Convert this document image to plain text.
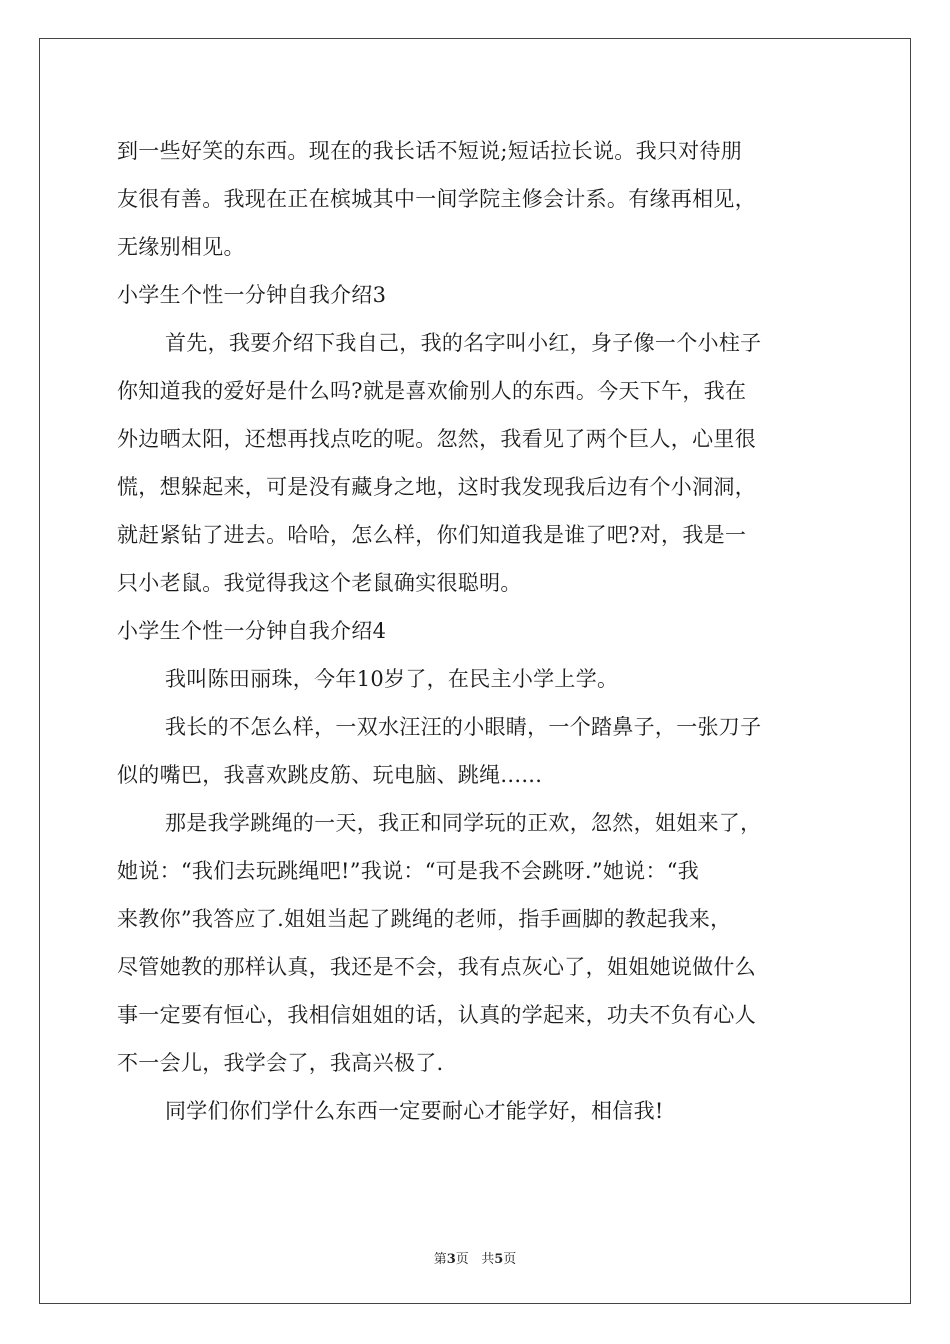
到一些好笑的东西。现在的我长话不短说;短话拉长说。我只对待朋
友很有善。我现在正在槟城其中一间学院主修会计系。有缘再相见，
无缘别相见。
小学生个性一分钟自我介绍3
首先，我要介绍下我自己，我的名字叫小红，身子像一个小柱子
你知道我的爱好是什么吗?就是喜欢偷别人的东西。今天下午，我在
外边晒太阳，还想再找点吃的呢。忽然，我看见了两个巨人，心里很
慌，想躲起来，可是没有藏身之地，这时我发现我后边有个小洞洞，
就赶紧钻了进去。哈哈，怎么样，你们知道我是谁了吧?对，我是一
只小老鼠。我觉得我这个老鼠确实很聪明。
小学生个性一分钟自我介绍4
我叫陈田丽珠，今年10岁了，在民主小学上学。
我长的不怎么样，一双水汪汪的小眼睛，一个踏鼻子，一张刀子
似的嘴巴，我喜欢跳皮筋、玩电脑、跳绳......
那是我学跳绳的一天，我正和同学玩的正欢，忽然，姐姐来了，
她说：“我们去玩跳绳吧!”我说：“可是我不会跳呀.”她说：“我
来教你”我答应了.姐姐当起了跳绳的老师，指手画脚的教起我来，
尽管她教的那样认真，我还是不会，我有点灰心了，姐姐她说做什么
事一定要有恒心，我相信姐姐的话，认真的学起来，功夫不负有心人
不一会儿，我学会了，我高兴极了.
同学们你们学什么东西一定要耐心才能学好，相信我!
第3页 共5页
